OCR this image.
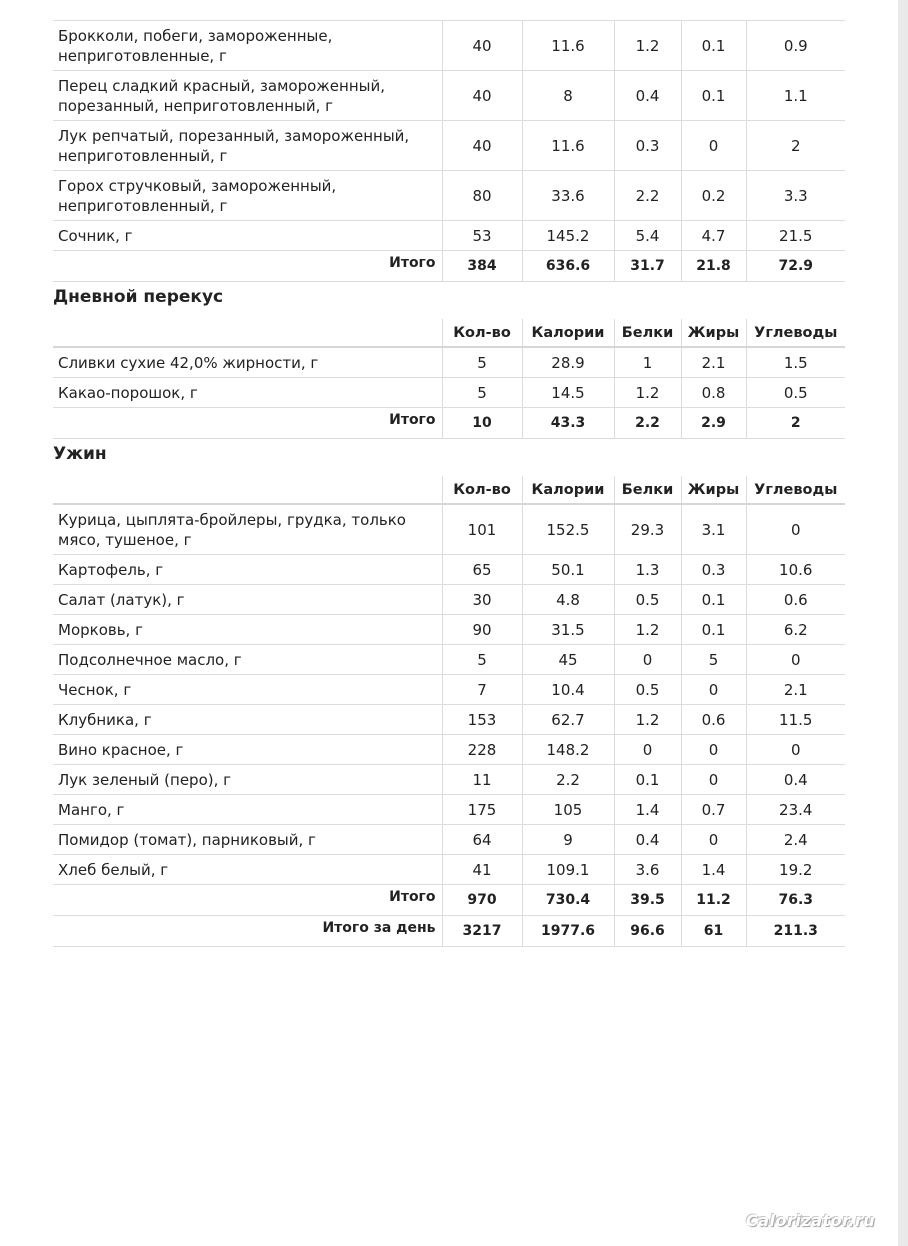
Брокколи, побеги, замороженные, неприготовленные, г	40	11.6	1.2	0.1	0.9
Перец сладкий красный, замороженный, порезанный, неприготовленный, г	40	8	0.4	0.1	1.1
Лук репчатый, порезанный, замороженный, неприготовленный, г	40	11.6	0.3	0	2
Горох стручковый, замороженный, неприготовленный, г	80	33.6	2.2	0.2	3.3
Сочник, г	53	145.2	5.4	4.7	21.5
Итого	384	636.6	31.7	21.8	72.9
Дневной перекус
	Кол-во	Калории	Белки	Жиры	Углеводы
Сливки сухие 42,0% жирности, г	5	28.9	1	2.1	1.5
Какао-порошок, г	5	14.5	1.2	0.8	0.5
Итого	10	43.3	2.2	2.9	2
Ужин
	Кол-во	Калории	Белки	Жиры	Углеводы
Курица, цыплята-бройлеры, грудка, только мясо, тушеное, г	101	152.5	29.3	3.1	0
Картофель, г	65	50.1	1.3	0.3	10.6
Салат (латук), г	30	4.8	0.5	0.1	0.6
Морковь, г	90	31.5	1.2	0.1	6.2
Подсолнечное масло, г	5	45	0	5	0
Чеснок, г	7	10.4	0.5	0	2.1
Клубника, г	153	62.7	1.2	0.6	11.5
Вино красное, г	228	148.2	0	0	0
Лук зеленый (перо), г	11	2.2	0.1	0	0.4
Манго, г	175	105	1.4	0.7	23.4
Помидор (томат), парниковый, г	64	9	0.4	0	2.4
Хлеб белый, г	41	109.1	3.6	1.4	19.2
Итого	970	730.4	39.5	11.2	76.3
Итого за день	3217	1977.6	96.6	61	211.3
Calorizator.ru
